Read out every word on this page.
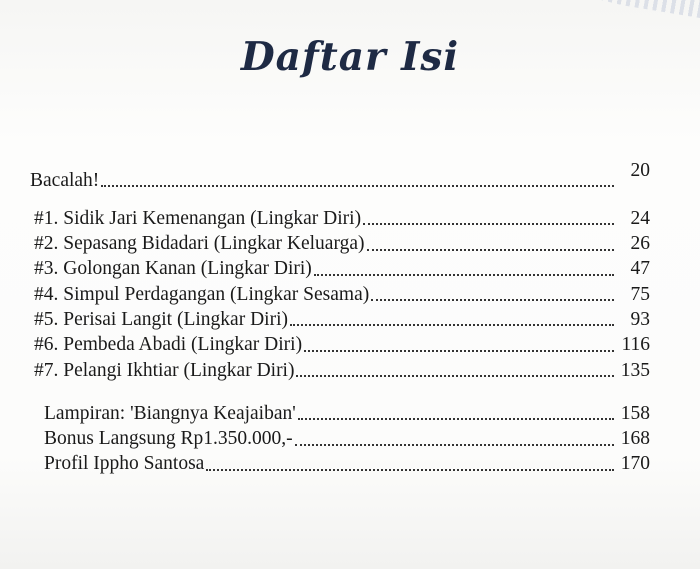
Daftar Isi
Bacalah!	20
#1. Sidik Jari Kemenangan (Lingkar Diri)	24
#2. Sepasang Bidadari (Lingkar Keluarga)	26
#3. Golongan Kanan (Lingkar Diri)	47
#4. Simpul Perdagangan (Lingkar Sesama)	75
#5. Perisai Langit (Lingkar Diri)	93
#6. Pembeda Abadi (Lingkar Diri)	116
#7. Pelangi Ikhtiar (Lingkar Diri)	135
Lampiran: 'Biangnya Keajaiban'	158
Bonus Langsung Rp1.350.000,-	168
Profil Ippho Santosa	170
